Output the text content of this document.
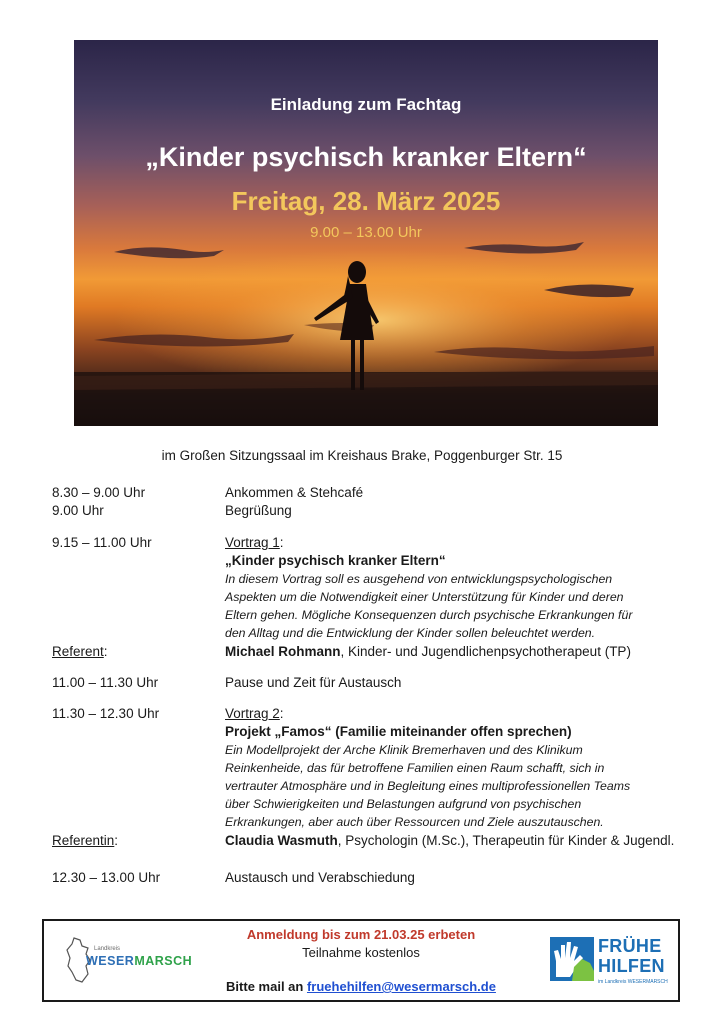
Einladung zum Fachtag
„Kinder psychisch kranker Eltern“
Freitag, 28. März 2025
9.00 – 13.00 Uhr
im Großen Sitzungssaal im Kreishaus Brake, Poggenburger Str. 15
8.30 – 9.00 Uhr	Ankommen & Stehcafé
9.00 Uhr	Begrüßung
9.15 – 11.00 Uhr	Vortrag 1:
„Kinder psychisch kranker Eltern“
In diesem Vortrag soll es ausgehend von entwicklungspsychologischen
Aspekten um die Notwendigkeit einer Unterstützung für Kinder und deren
Eltern gehen. Mögliche Konsequenzen durch psychische Erkrankungen für
den Alltag und die Entwicklung der Kinder sollen beleuchtet werden.
Referent:	Michael Rohmann, Kinder- und Jugendlichenpsychotherapeut (TP)
11.00 – 11.30 Uhr	Pause und Zeit für Austausch
11.30 – 12.30 Uhr	Vortrag 2:
Projekt „Famos“ (Familie miteinander offen sprechen)
Ein Modellprojekt der Arche Klinik Bremerhaven und des Klinikum
Reinkenheide, das für betroffene Familien einen Raum schafft, sich in
vertrauter Atmosphäre und in Begleitung eines multiprofessionellen Teams
über Schwierigkeiten und Belastungen aufgrund von psychischen
Erkrankungen, aber auch über Ressourcen und Ziele auszutauschen.
Referentin:	Claudia Wasmuth, Psychologin (M.Sc.), Therapeutin für Kinder & Jugendl.
12.30 – 13.00 Uhr	Austausch und Verabschiedung
Landkreis
WESERMARSCH
Anmeldung bis zum 21.03.25 erbeten
Teilnahme kostenlos
Bitte mail an fruehehilfen@wesermarsch.de
FRÜHE
HILFEN
im Landkreis WESERMARSCH
